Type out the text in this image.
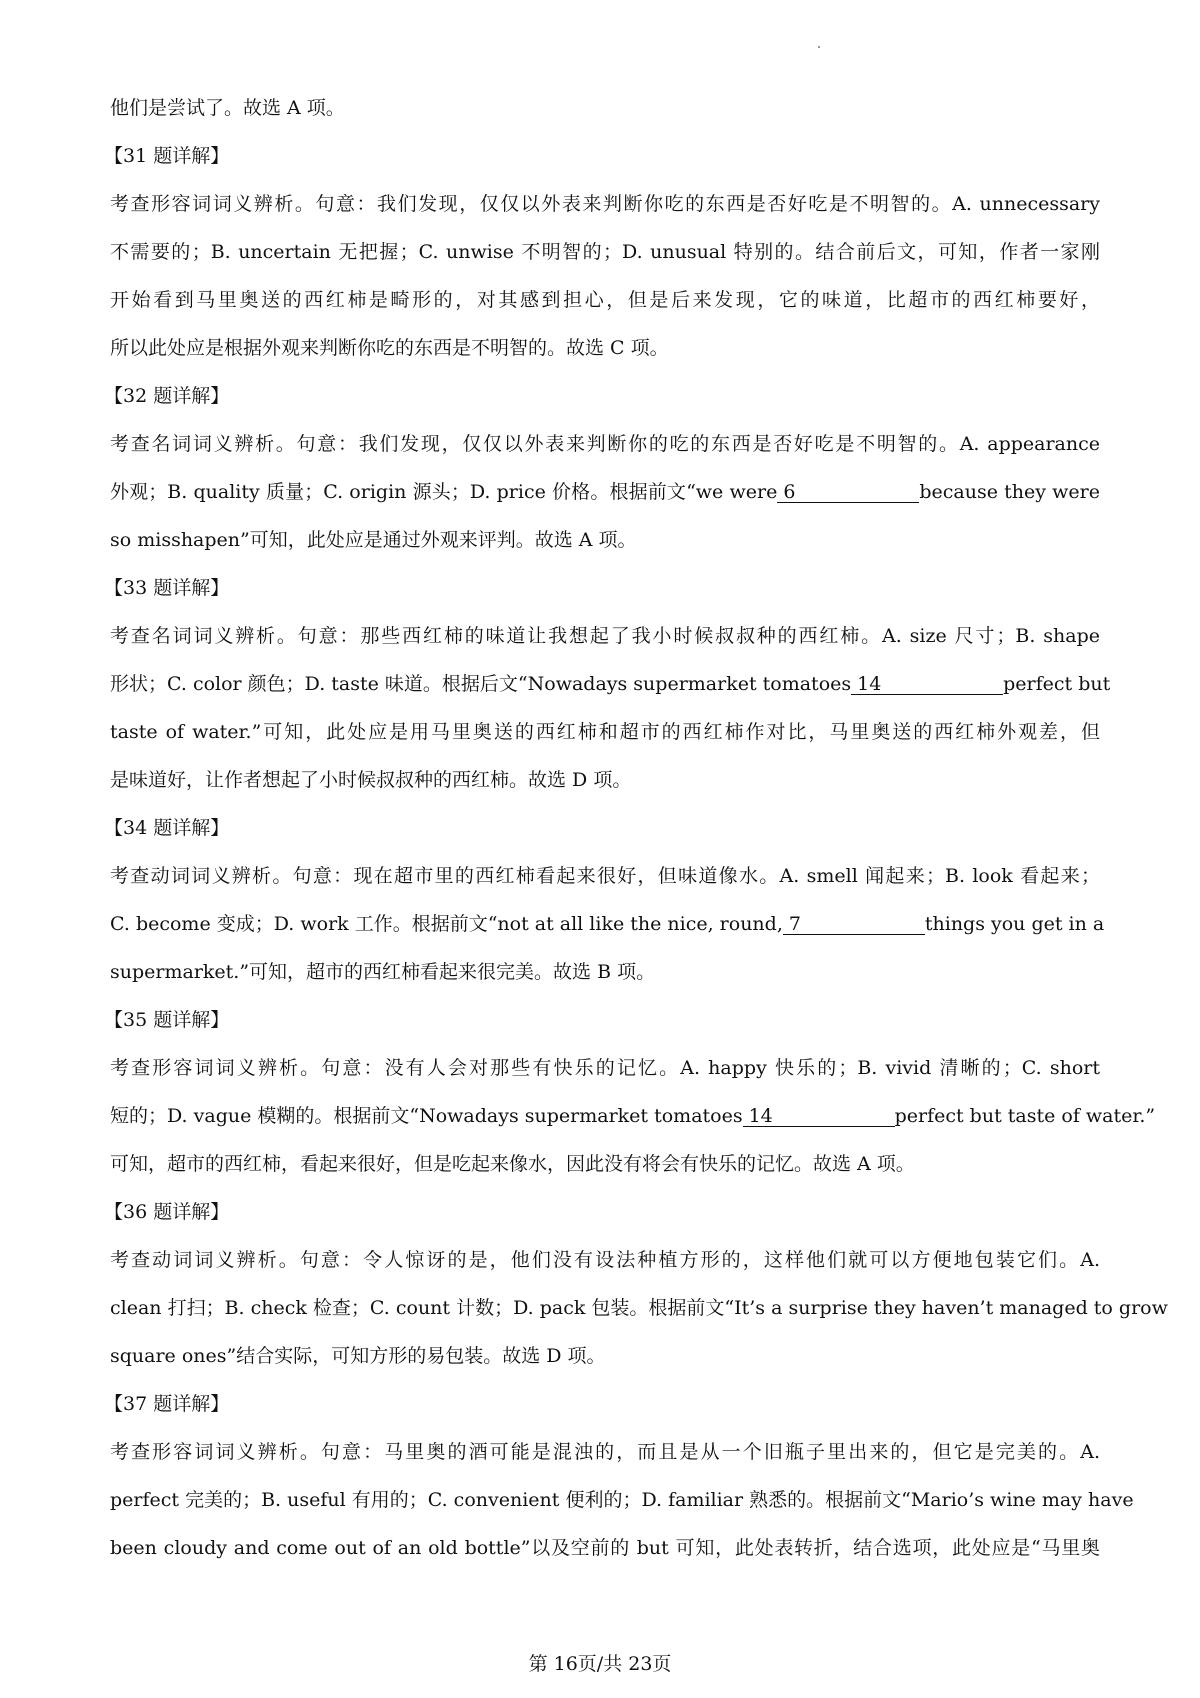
他们是尝试了。故选 A 项。
【31 题详解】
考查形容词词义辨析。句意：我们发现，仅仅以外表来判断你吃的东西是否好吃是不明智的。A. unnecessary
不需要的；B. uncertain 无把握；C. unwise 不明智的；D. unusual 特别的。结合前后文，可知，作者一家刚
开始看到马里奥送的西红柿是畸形的，对其感到担心，但是后来发现，它的味道，比超市的西红柿要好，
所以此处应是根据外观来判断你吃的东西是不明智的。故选 C 项。
【32 题详解】
考查名词词义辨析。句意：我们发现，仅仅以外表来判断你的吃的东西是否好吃是不明智的。A. appearance
外观；B. quality 质量；C. origin 源头；D. price 价格。根据前文“we were 6	because they were
so misshapen”可知，此处应是通过外观来评判。故选 A 项。
【33 题详解】
考查名词词义辨析。句意：那些西红柿的味道让我想起了我小时候叔叔种的西红柿。A. size 尺寸；B. shape
形状；C. color 颜色；D. taste 味道。根据后文“Nowadays supermarket tomatoes 14	perfect but
taste of water.”可知，此处应是用马里奥送的西红柿和超市的西红柿作对比，马里奥送的西红柿外观差，但
是味道好，让作者想起了小时候叔叔种的西红柿。故选 D 项。
【34 题详解】
考查动词词义辨析。句意：现在超市里的西红柿看起来很好，但味道像水。A. smell 闻起来；B. look 看起来；
C. become 变成；D. work 工作。根据前文“not at all like the nice, round, 7	things you get in a
supermarket.”可知，超市的西红柿看起来很完美。故选 B 项。
【35 题详解】
考查形容词词义辨析。句意：没有人会对那些有快乐的记忆。A. happy 快乐的；B. vivid 清晰的；C. short
短的；D. vague 模糊的。根据前文“Nowadays supermarket tomatoes 14	perfect but taste of water.”
可知，超市的西红柿，看起来很好，但是吃起来像水，因此没有将会有快乐的记忆。故选 A 项。
【36 题详解】
考查动词词义辨析。句意：令人惊讶的是，他们没有设法种植方形的，这样他们就可以方便地包装它们。A.
clean 打扫；B. check 检查；C. count 计数；D. pack 包装。根据前文“It’s a surprise they haven’t managed to grow
square ones”结合实际，可知方形的易包装。故选 D 项。
【37 题详解】
考查形容词词义辨析。句意：马里奥的酒可能是混浊的，而且是从一个旧瓶子里出来的，但它是完美的。A.
perfect 完美的；B. useful 有用的；C. convenient 便利的；D. familiar 熟悉的。根据前文“Mario’s wine may have
been cloudy and come out of an old bottle”以及空前的 but 可知，此处表转折，结合选项，此处应是“马里奥
第 16页/共 23页
